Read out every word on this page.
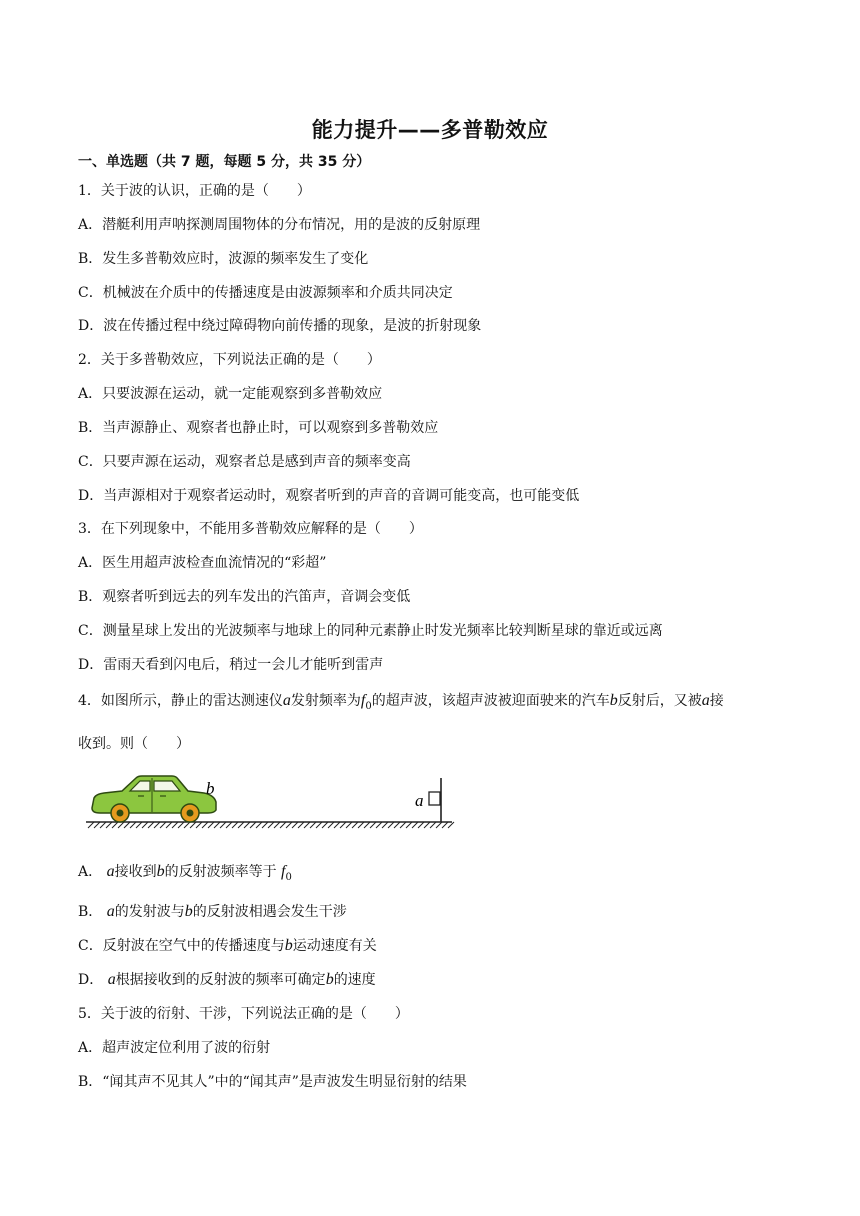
能力提升——多普勒效应
一、单选题（共 7 题，每题 5 分，共 35 分）
1．关于波的认识，正确的是（　　）
A．潜艇利用声呐探测周围物体的分布情况，用的是波的反射原理
B．发生多普勒效应时，波源的频率发生了变化
C．机械波在介质中的传播速度是由波源频率和介质共同决定
D．波在传播过程中绕过障碍物向前传播的现象，是波的折射现象
2．关于多普勒效应，下列说法正确的是（　　）
A．只要波源在运动，就一定能观察到多普勒效应
B．当声源静止、观察者也静止时，可以观察到多普勒效应
C．只要声源在运动，观察者总是感到声音的频率变高
D．当声源相对于观察者运动时，观察者听到的声音的音调可能变高，也可能变低
3．在下列现象中，不能用多普勒效应解释的是（　　）
A．医生用超声波检查血流情况的“彩超”
B．观察者听到远去的列车发出的汽笛声，音调会变低
C．测量星球上发出的光波频率与地球上的同种元素静止时发光频率比较判断星球的靠近或远离
D．雷雨天看到闪电后，稍过一会儿才能听到雷声
4．如图所示，静止的雷达测速仪a发射频率为$f_0$的超声波，该超声波被迎面驶来的汽车b反射后，又被a接
收到。则（　　）
b
a
A． a接收到b的反射波频率等于 $f_0$
B． a的发射波与b的反射波相遇会发生干涉
C．反射波在空气中的传播速度与b运动速度有关
D． a根据接收到的反射波的频率可确定b的速度
5．关于波的衍射、干涉，下列说法正确的是（　　）
A．超声波定位利用了波的衍射
B．“闻其声不见其人”中的“闻其声”是声波发生明显衍射的结果
